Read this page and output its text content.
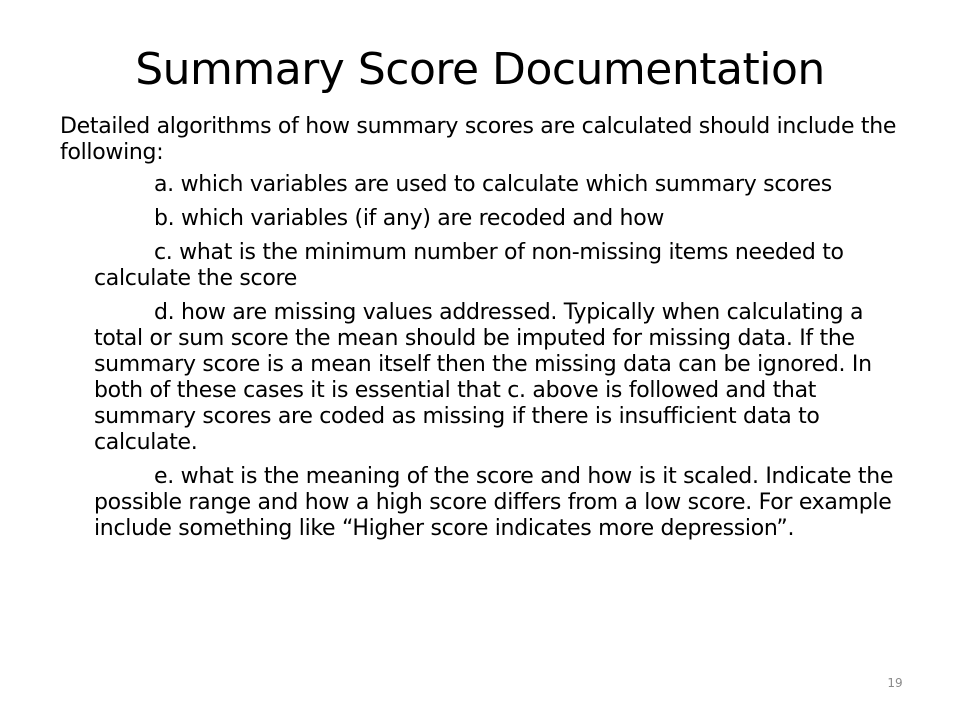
Summary Score Documentation

Detailed algorithms of how summary scores are calculated should include the following:

a. which variables are used to calculate which summary scores

b. which variables (if any) are recoded and how

c. what is the minimum number of non-missing items needed to calculate the score

d. how are missing values addressed. Typically when calculating a total or sum score the mean should be imputed for missing data. If the summary score is a mean itself then the missing data can be ignored. In both of these cases it is essential that c. above is followed and that summary scores are coded as missing if there is insufficient data to calculate.

e. what is the meaning of the score and how is it scaled. Indicate the possible range and how a high score differs from a low score. For example include something like “Higher score indicates more depression”.

19
